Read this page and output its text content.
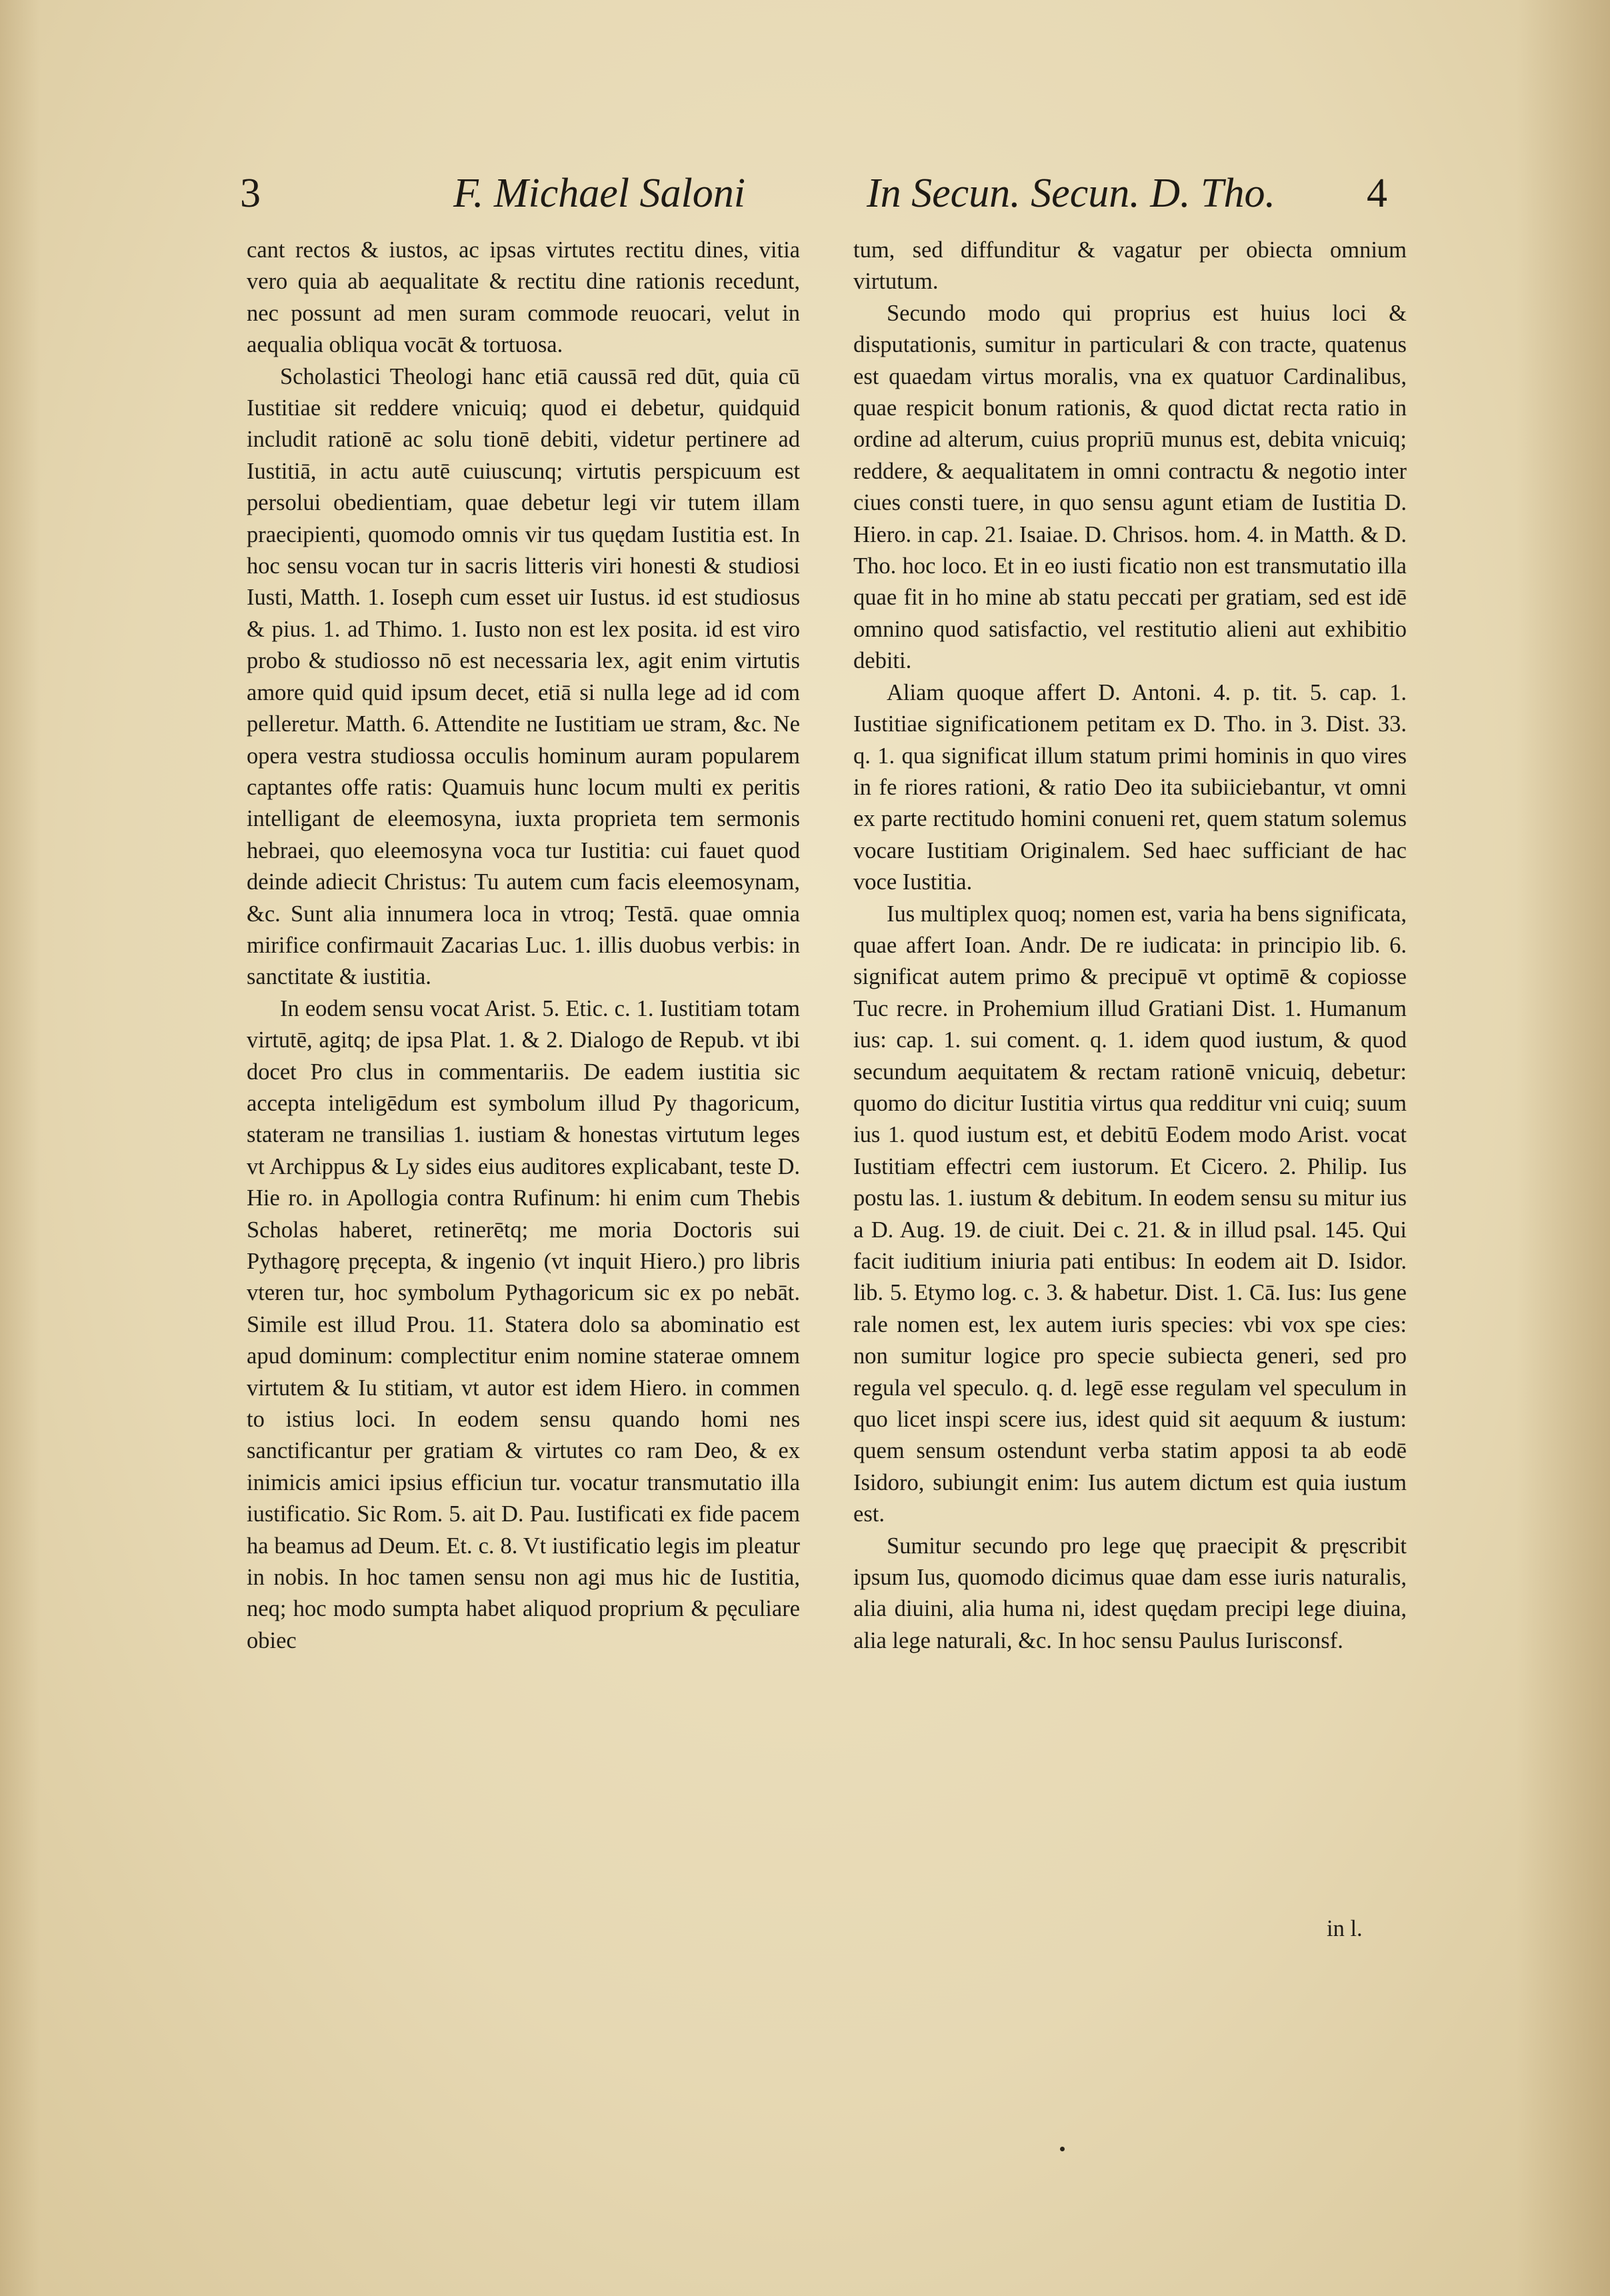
3	F. Michael Saloni	In Secun. Secun. D. Tho. 4

cant rectos & iustos, ac ipsas virtutes rectitu dines, vitia vero quia ab aequalitate & rectitu dine rationis recedunt, nec possunt ad men suram commode reuocari, velut in aequalia obliqua vocāt & tortuosa.

Scholastici Theologi hanc etiā caussā red dūt, quia cū Iustitiae sit reddere vnicuiq; quod ei debetur, quidquid includit rationē ac solu tionē debiti, videtur pertinere ad Iustitiā, in actu autē cuiuscunq; virtutis perspicuum est persolui obedientiam, quae debetur legi vir tutem illam praecipienti, quomodo omnis vir tus quędam Iustitia est. In hoc sensu vocan tur in sacris litteris viri honesti & studiosi Iusti, Matth. 1. Ioseph cum esset uir Iustus. id est studiosus & pius. 1. ad Thimo. 1. Iusto non est lex posita. id est viro probo & studiosso nō est necessaria lex, agit enim virtutis amore quid quid ipsum decet, etiā si nulla lege ad id com pelleretur. Matth. 6. Attendite ne Iustitiam ue stram, &c. Ne opera vestra studiossa occulis hominum auram popularem captantes offe ratis: Quamuis hunc locum multi ex peritis intelligant de eleemosyna, iuxta proprieta tem sermonis hebraei, quo eleemosyna voca tur Iustitia: cui fauet quod deinde adiecit Christus: Tu autem cum facis eleemosynam, &c. Sunt alia innumera loca in vtroq; Testā. quae omnia mirifice confirmauit Zacarias Luc. 1. illis duobus verbis: in sanctitate & iustitia.

In eodem sensu vocat Arist. 5. Etic. c. 1. Iustitiam totam virtutē, agitq; de ipsa Plat. 1. & 2. Dialogo de Repub. vt ibi docet Pro clus in commentariis. De eadem iustitia sic accepta inteligēdum est symbolum illud Py thagoricum, stateram ne transilias 1. iustiam & honestas virtutum leges vt Archippus & Ly sides eius auditores explicabant, teste D. Hie ro. in Apollogia contra Rufinum: hi enim cum Thebis Scholas haberet, retinerētq; me moria Doctoris sui Pythagorę pręcepta, & ingenio (vt inquit Hiero.) pro libris vteren tur, hoc symbolum Pythagoricum sic ex po nebāt. Simile est illud Prou. 11. Statera dolo sa abominatio est apud dominum: complectitur enim nomine staterae omnem virtutem & Iu stitiam, vt autor est idem Hiero. in commen to istius loci. In eodem sensu quando homi nes sanctificantur per gratiam & virtutes co ram Deo, & ex inimicis amici ipsius efficiun tur. vocatur transmutatio illa iustificatio. Sic Rom. 5. ait D. Pau. Iustificati ex fide pacem ha beamus ad Deum. Et. c. 8. Vt iustificatio legis im pleatur in nobis. In hoc tamen sensu non agi mus hic de Iustitia, neq; hoc modo sumpta habet aliquod proprium & pęculiare obiec

tum, sed diffunditur & vagatur per obiecta omnium virtutum.

Secundo modo qui proprius est huius loci & disputationis, sumitur in particulari & con tracte, quatenus est quaedam virtus moralis, vna ex quatuor Cardinalibus, quae respicit bonum rationis, & quod dictat recta ratio in ordine ad alterum, cuius propriū munus est, debita vnicuiq; reddere, & aequalitatem in omni contractu & negotio inter ciues consti tuere, in quo sensu agunt etiam de Iustitia D. Hiero. in cap. 21. Isaiae. D. Chrisos. hom. 4. in Matth. & D. Tho. hoc loco. Et in eo iusti ficatio non est transmutatio illa quae fit in ho mine ab statu peccati per gratiam, sed est idē omnino quod satisfactio, vel restitutio alieni aut exhibitio debiti.

Aliam quoque affert D. Antoni. 4. p. tit. 5. cap. 1. Iustitiae significationem petitam ex D. Tho. in 3. Dist. 33. q. 1. qua significat illum statum primi hominis in quo vires in fe riores rationi, & ratio Deo ita subiiciebantur, vt omni ex parte rectitudo homini conueni ret, quem statum solemus vocare Iustitiam Originalem. Sed haec sufficiant de hac voce Iustitia.

Ius multiplex quoq; nomen est, varia ha bens significata, quae affert Ioan. Andr. De re iudicata: in principio lib. 6. significat autem primo & precipuē vt optimē & copiosse Tuc recre. in Prohemium illud Gratiani Dist. 1. Humanum ius: cap. 1. sui coment. q. 1. idem quod iustum, & quod secundum aequitatem & rectam rationē vnicuiq, debetur: quomo do dicitur Iustitia virtus qua redditur vni cuiq; suum ius 1. quod iustum est, et debitū Eodem modo Arist. vocat Iustitiam effectri cem iustorum. Et Cicero. 2. Philip. Ius postu las. 1. iustum & debitum. In eodem sensu su mitur ius a D. Aug. 19. de ciuit. Dei c. 21. & in illud psal. 145. Qui facit iuditium iniuria pati entibus: In eodem ait D. Isidor. lib. 5. Etymo log. c. 3. & habetur. Dist. 1. Cā. Ius: Ius gene rale nomen est, lex autem iuris species: vbi vox spe cies: non sumitur logice pro specie subiecta generi, sed pro regula vel speculo. q. d. legē esse regulam vel speculum in quo licet inspi scere ius, idest quid sit aequum & iustum: quem sensum ostendunt verba statim apposi ta ab eodē Isidoro, subiungit enim: Ius autem dictum est quia iustum est.

Sumitur secundo pro lege quę praecipit & pręscribit ipsum Ius, quomodo dicimus quae dam esse iuris naturalis, alia diuini, alia huma ni, idest quędam precipi lege diuina, alia lege naturali, &c. In hoc sensu Paulus Iurisconsf.

in l.
